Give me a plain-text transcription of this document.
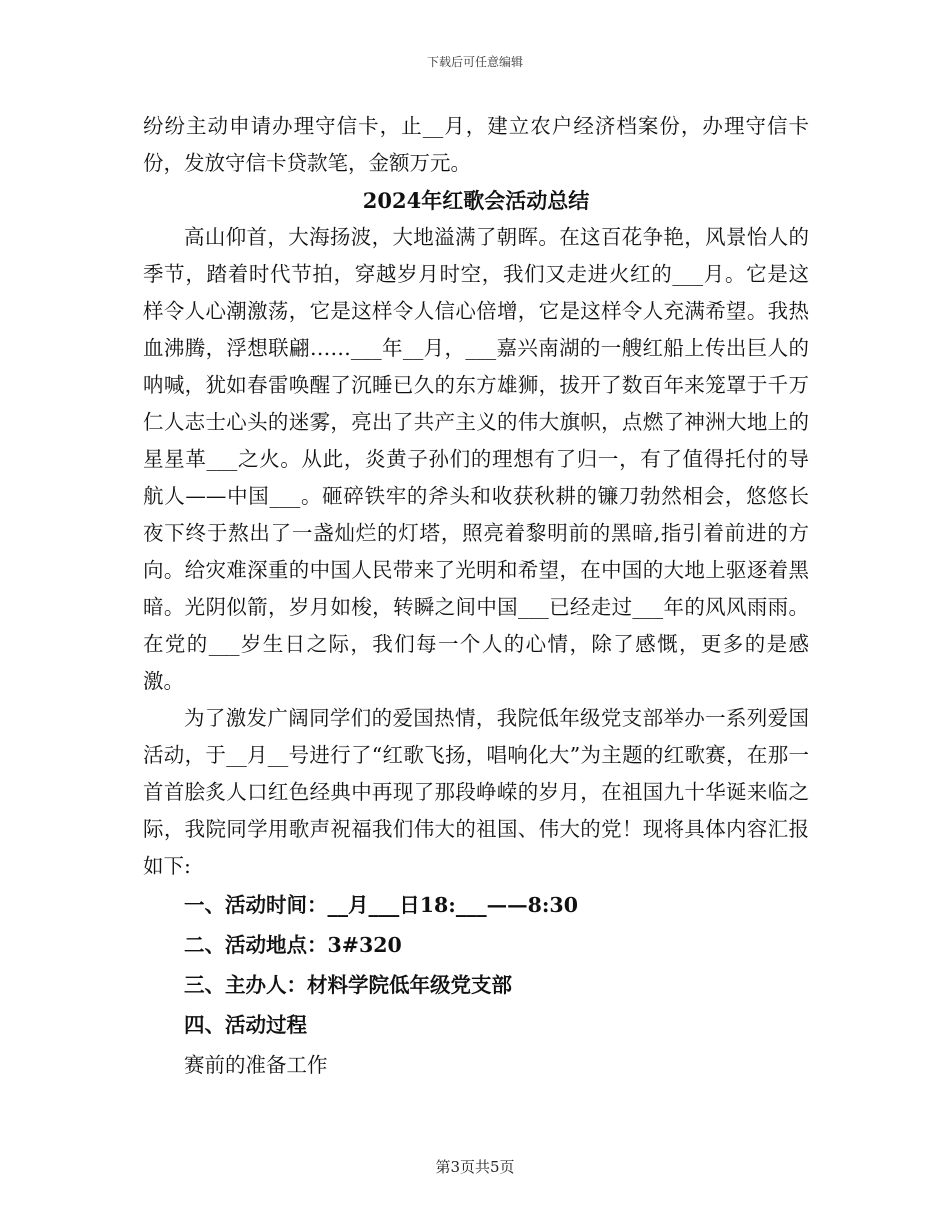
下载后可任意编辑

纷纷主动申请办理守信卡，止__月，建立农户经济档案份，办理守信卡份，发放守信卡贷款笔，金额万元。

2024年红歌会活动总结

高山仰首，大海扬波，大地溢满了朝晖。在这百花争艳，风景怡人的季节，踏着时代节拍，穿越岁月时空，我们又走进火红的___月。它是这样令人心潮激荡，它是这样令人信心倍增，它是这样令人充满希望。我热血沸腾，浮想联翩……___年__月，___嘉兴南湖的一艘红船上传出巨人的呐喊，犹如春雷唤醒了沉睡已久的东方雄狮，拔开了数百年来笼罩于千万仁人志士心头的迷雾，亮出了共产主义的伟大旗帜，点燃了神洲大地上的星星革___之火。从此，炎黄子孙们的理想有了归一，有了值得托付的导航人——中国___。砸碎铁牢的斧头和收获秋耕的镰刀勃然相会，悠悠长夜下终于熬出了一盏灿烂的灯塔，照亮着黎明前的黑暗,指引着前进的方向。给灾难深重的中国人民带来了光明和希望，在中国的大地上驱逐着黑暗。光阴似箭，岁月如梭，转瞬之间中国___已经走过___年的风风雨雨。在党的___岁生日之际，我们每一个人的心情，除了感慨，更多的是感激。

为了激发广阔同学们的爱国热情，我院低年级党支部举办一系列爱国活动，于__月__号进行了“红歌飞扬，唱响化大”为主题的红歌赛，在那一首首脍炙人口红色经典中再现了那段峥嵘的岁月，在祖国九十华诞来临之际，我院同学用歌声祝福我们伟大的祖国、伟大的党！现将具体内容汇报如下:

一、活动时间：__月___日18:___——8:30

二、活动地点：3#320

三、主办人：材料学院低年级党支部

四、活动过程

赛前的准备工作

第3页共5页
